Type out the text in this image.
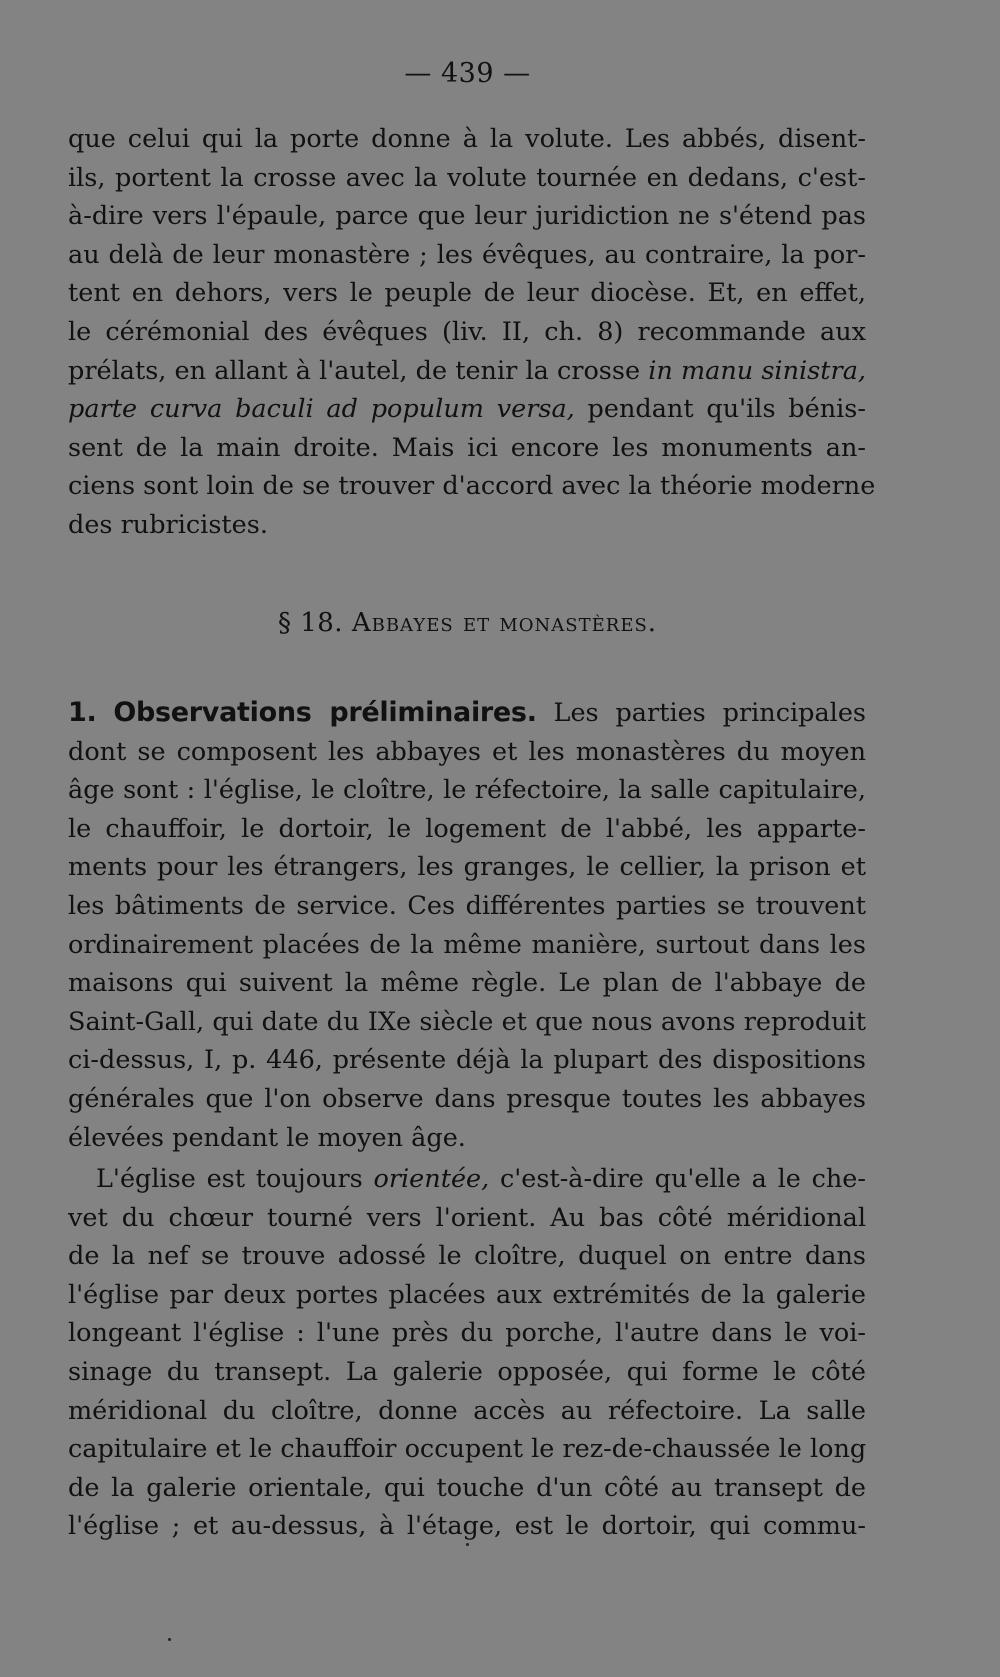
— 439 —
que celui qui la porte donne à la volute. Les abbés, disent-
ils, portent la crosse avec la volute tournée en dedans, c'est-
à-dire vers l'épaule, parce que leur juridiction ne s'étend pas
au delà de leur monastère ; les évêques, au contraire, la por-
tent en dehors, vers le peuple de leur diocèse. Et, en effet,
le cérémonial des évêques (liv. II, ch. 8) recommande aux
prélats, en allant à l'autel, de tenir la crosse in manu sinistra,
parte curva baculi ad populum versa, pendant qu'ils bénis-
sent de la main droite. Mais ici encore les monuments an-
ciens sont loin de se trouver d'accord avec la théorie moderne
des rubricistes.
§ 18. Abbayes et monastères.
1. Observations préliminaires. Les parties principales
dont se composent les abbayes et les monastères du moyen
âge sont : l'église, le cloître, le réfectoire, la salle capitulaire,
le chauffoir, le dortoir, le logement de l'abbé, les apparte-
ments pour les étrangers, les granges, le cellier, la prison et
les bâtiments de service. Ces différentes parties se trouvent
ordinairement placées de la même manière, surtout dans les
maisons qui suivent la même règle. Le plan de l'abbaye de
Saint-Gall, qui date du IXe siècle et que nous avons reproduit
ci-dessus, I, p. 446, présente déjà la plupart des dispositions
générales que l'on observe dans presque toutes les abbayes
élevées pendant le moyen âge.
L'église est toujours orientée, c'est-à-dire qu'elle a le che-
vet du chœur tourné vers l'orient. Au bas côté méridional
de la nef se trouve adossé le cloître, duquel on entre dans
l'église par deux portes placées aux extrémités de la galerie
longeant l'église : l'une près du porche, l'autre dans le voi-
sinage du transept. La galerie opposée, qui forme le côté
méridional du cloître, donne accès au réfectoire. La salle
capitulaire et le chauffoir occupent le rez-de-chaussée le long
de la galerie orientale, qui touche d'un côté au transept de
l'église ; et au-dessus, à l'étage, est le dortoir, qui commu-
